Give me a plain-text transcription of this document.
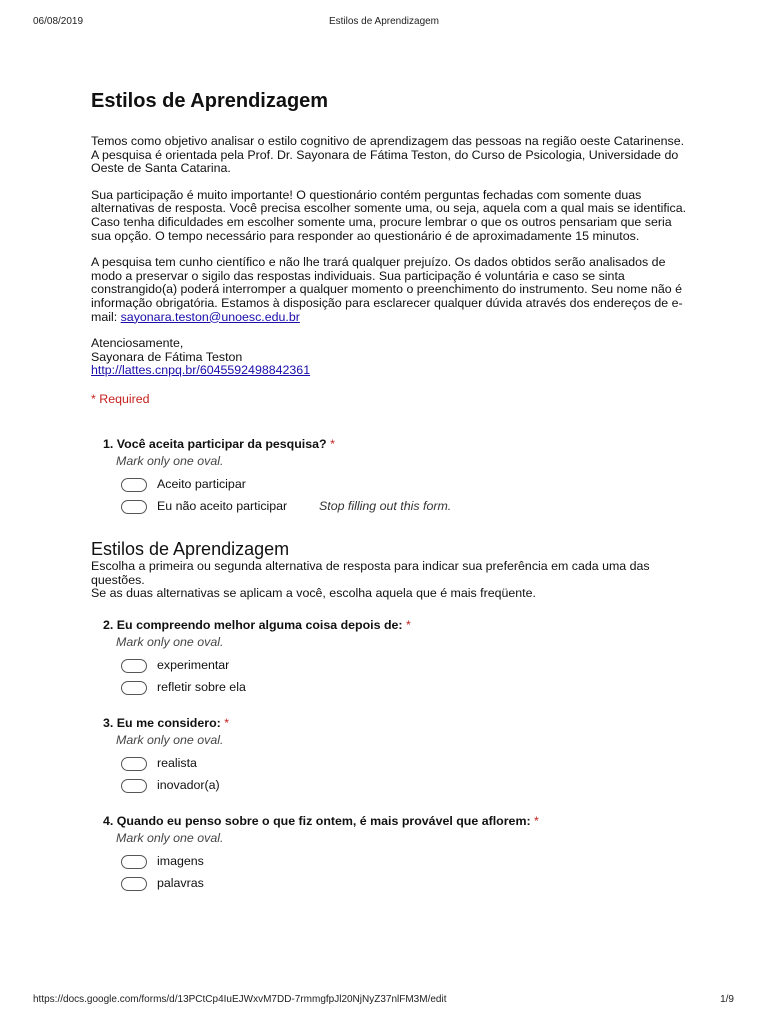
06/08/2019	Estilos de Aprendizagem
Estilos de Aprendizagem

Temos como objetivo analisar o estilo cognitivo de aprendizagem das pessoas na região oeste Catarinense. A pesquisa é orientada pela Prof. Dr. Sayonara de Fátima Teston, do Curso de Psicologia, Universidade do Oeste de Santa Catarina.

Sua participação é muito importante! O questionário contém perguntas fechadas com somente duas alternativas de resposta. Você precisa escolher somente uma, ou seja, aquela com a qual mais se identifica. Caso tenha dificuldades em escolher somente uma, procure lembrar o que os outros pensariam que seria sua opção. O tempo necessário para responder ao questionário é de aproximadamente 15 minutos.

A pesquisa tem cunho científico e não lhe trará qualquer prejuízo. Os dados obtidos serão analisados de modo a preservar o sigilo das respostas individuais. Sua participação é voluntária e caso se sinta constrangido(a) poderá interromper a qualquer momento o preenchimento do instrumento. Seu nome não é informação obrigatória. Estamos à disposição para esclarecer qualquer dúvida através dos endereços de e-mail: sayonara.teston@unoesc.edu.br

Atenciosamente,

Sayonara de Fátima Teston

http://lattes.cnpq.br/6045592498842361

* Required
1. Você aceita participar da pesquisa? *
Mark only one oval.
Aceito participar
Eu não aceito participar	Stop filling out this form.
Estilos de Aprendizagem

Escolha a primeira ou segunda alternativa de resposta para indicar sua preferência em cada uma das questões.

Se as duas alternativas se aplicam a você, escolha aquela que é mais freqüente.

2. Eu compreendo melhor alguma coisa depois de: *
Mark only one oval.
experimentar
refletir sobre ela
3. Eu me considero: *
Mark only one oval.
realista
inovador(a)
4. Quando eu penso sobre o que fiz ontem, é mais provável que aflorem: *
Mark only one oval.
imagens
palavras
https://docs.google.com/forms/d/13PCtCp4IuEJWxvM7DD-7rmmgfpJl20NjNyZ37nlFM3M/edit	1/9
